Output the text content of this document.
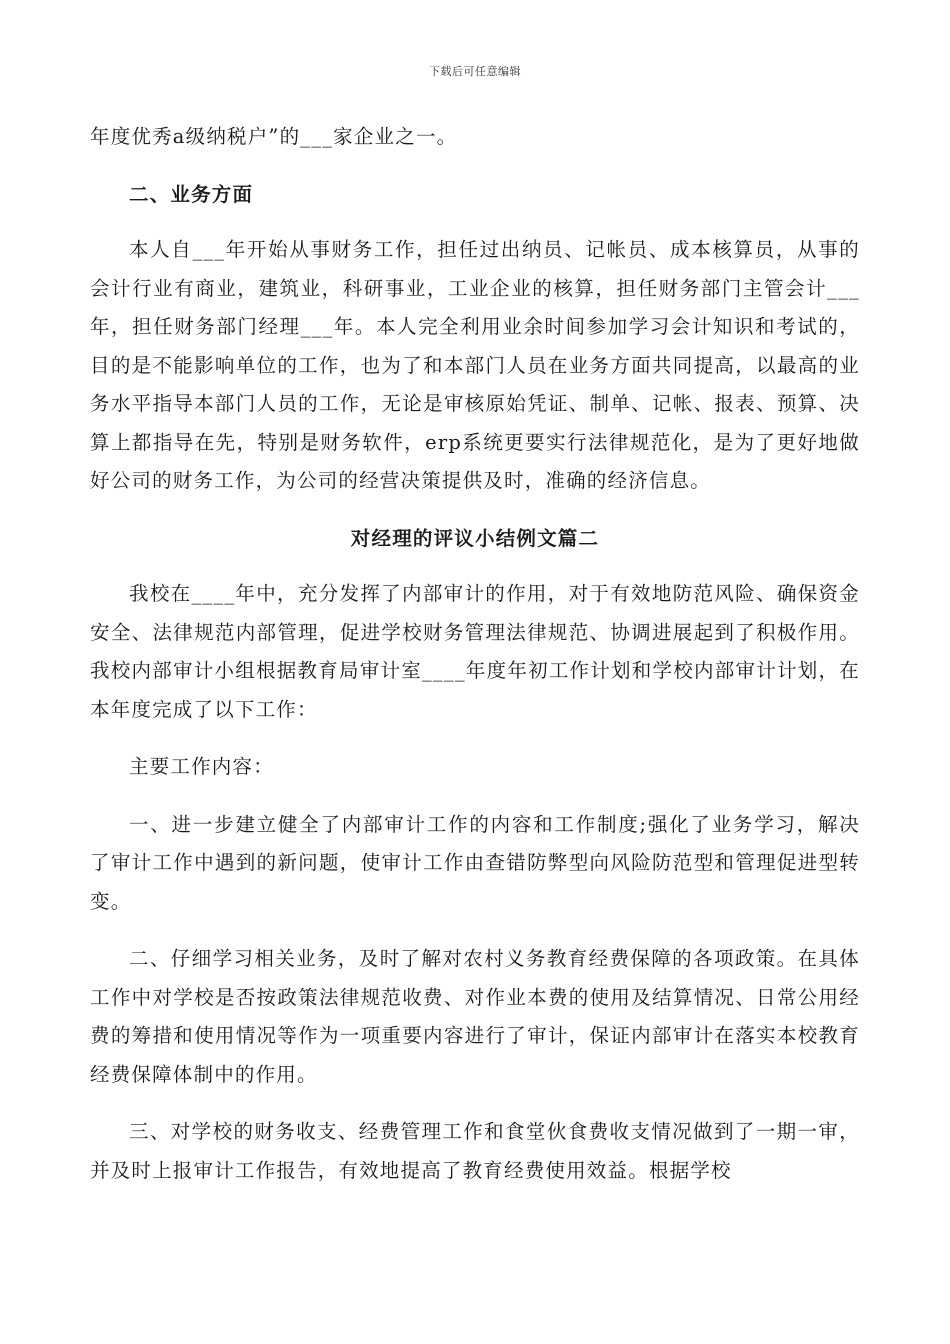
下载后可任意编辑

年度优秀a级纳税户”的___家企业之一。

二、业务方面

本人自___年开始从事财务工作，担任过出纳员、记帐员、成本核算员，从事的会计行业有商业，建筑业，科研事业，工业企业的核算，担任财务部门主管会计___年，担任财务部门经理___年。本人完全利用业余时间参加学习会计知识和考试的，目的是不能影响单位的工作，也为了和本部门人员在业务方面共同提高，以最高的业务水平指导本部门人员的工作，无论是审核原始凭证、制单、记帐、报表、预算、决算上都指导在先，特别是财务软件，erp系统更要实行法律规范化，是为了更好地做好公司的财务工作，为公司的经营决策提供及时，准确的经济信息。

对经理的评议小结例文篇二

我校在____年中，充分发挥了内部审计的作用，对于有效地防范风险、确保资金安全、法律规范内部管理，促进学校财务管理法律规范、协调进展起到了积极作用。我校内部审计小组根据教育局审计室____年度年初工作计划和学校内部审计计划，在本年度完成了以下工作：

主要工作内容：

一、进一步建立健全了内部审计工作的内容和工作制度;强化了业务学习，解决了审计工作中遇到的新问题，使审计工作由查错防弊型向风险防范型和管理促进型转变。

二、仔细学习相关业务，及时了解对农村义务教育经费保障的各项政策。在具体工作中对学校是否按政策法律规范收费、对作业本费的使用及结算情况、日常公用经费的筹措和使用情况等作为一项重要内容进行了审计，保证内部审计在落实本校教育经费保障体制中的作用。

三、对学校的财务收支、经费管理工作和食堂伙食费收支情况做到了一期一审，并及时上报审计工作报告，有效地提高了教育经费使用效益。根据学校
